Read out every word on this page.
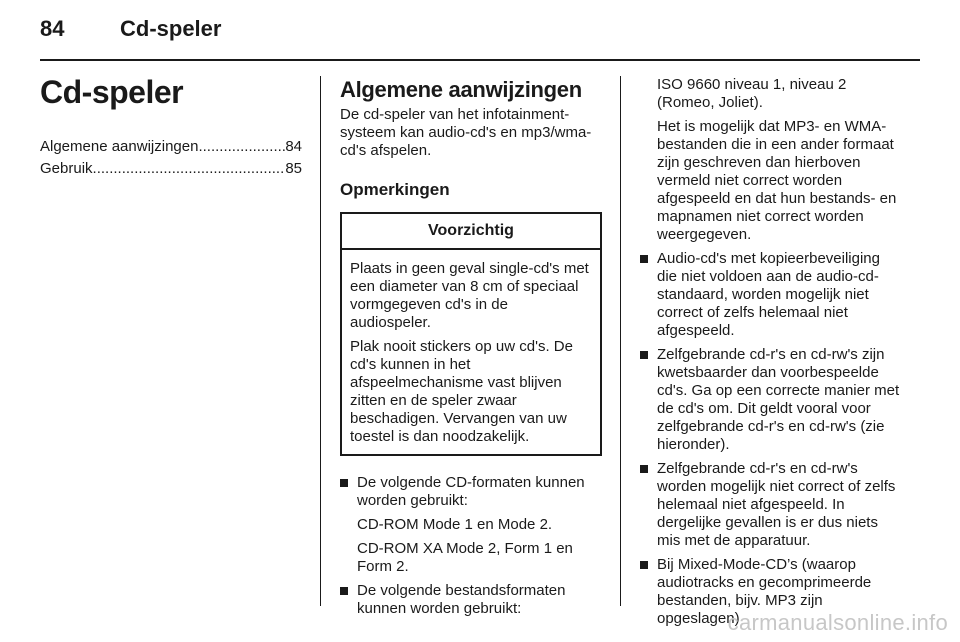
84	Cd-speler
Cd-speler
Algemene aanwijzingen .....	84
Gebruik .....	85
Algemene aanwijzingen

De cd-speler van het infotainment-systeem kan audio-cd's en mp3/wma-cd's afspelen.

Opmerkingen
Voorzichtig

Plaats in geen geval single-cd's met een diameter van 8 cm of speciaal vormgegeven cd's in de audiospeler.

Plak nooit stickers op uw cd's. De cd's kunnen in het afspeelmechanisme vast blijven zitten en de speler zwaar beschadigen. Vervangen van uw toestel is dan noodzakelijk.

De volgende CD-formaten kunnen worden gebruikt:

CD-ROM Mode 1 en Mode 2.

CD-ROM XA Mode 2, Form 1 en Form 2.

De volgende bestandsformaten kunnen worden gebruikt:

ISO 9660 niveau 1, niveau 2 (Romeo, Joliet).

Het is mogelijk dat MP3- en WMA-bestanden die in een ander formaat zijn geschreven dan hierboven vermeld niet correct worden afgespeeld en dat hun bestands- en mapnamen niet correct worden weergegeven.

Audio-cd's met kopieerbeveiliging die niet voldoen aan de audio-cd-standaard, worden mogelijk niet correct of zelfs helemaal niet afgespeeld.
Zelfgebrande cd-r's en cd-rw's zijn kwetsbaarder dan voorbespeelde cd's. Ga op een correcte manier met de cd's om. Dit geldt vooral voor zelfgebrande cd-r's en cd-rw's (zie hieronder).
Zelfgebrande cd-r's en cd-rw's worden mogelijk niet correct of zelfs helemaal niet afgespeeld. In dergelijke gevallen is er dus niets mis met de apparatuur.
Bij Mixed-Mode-CD’s (waarop audiotracks en gecomprimeerde bestanden, bijv. MP3 zijn opgeslagen)
carmanualsonline.info
